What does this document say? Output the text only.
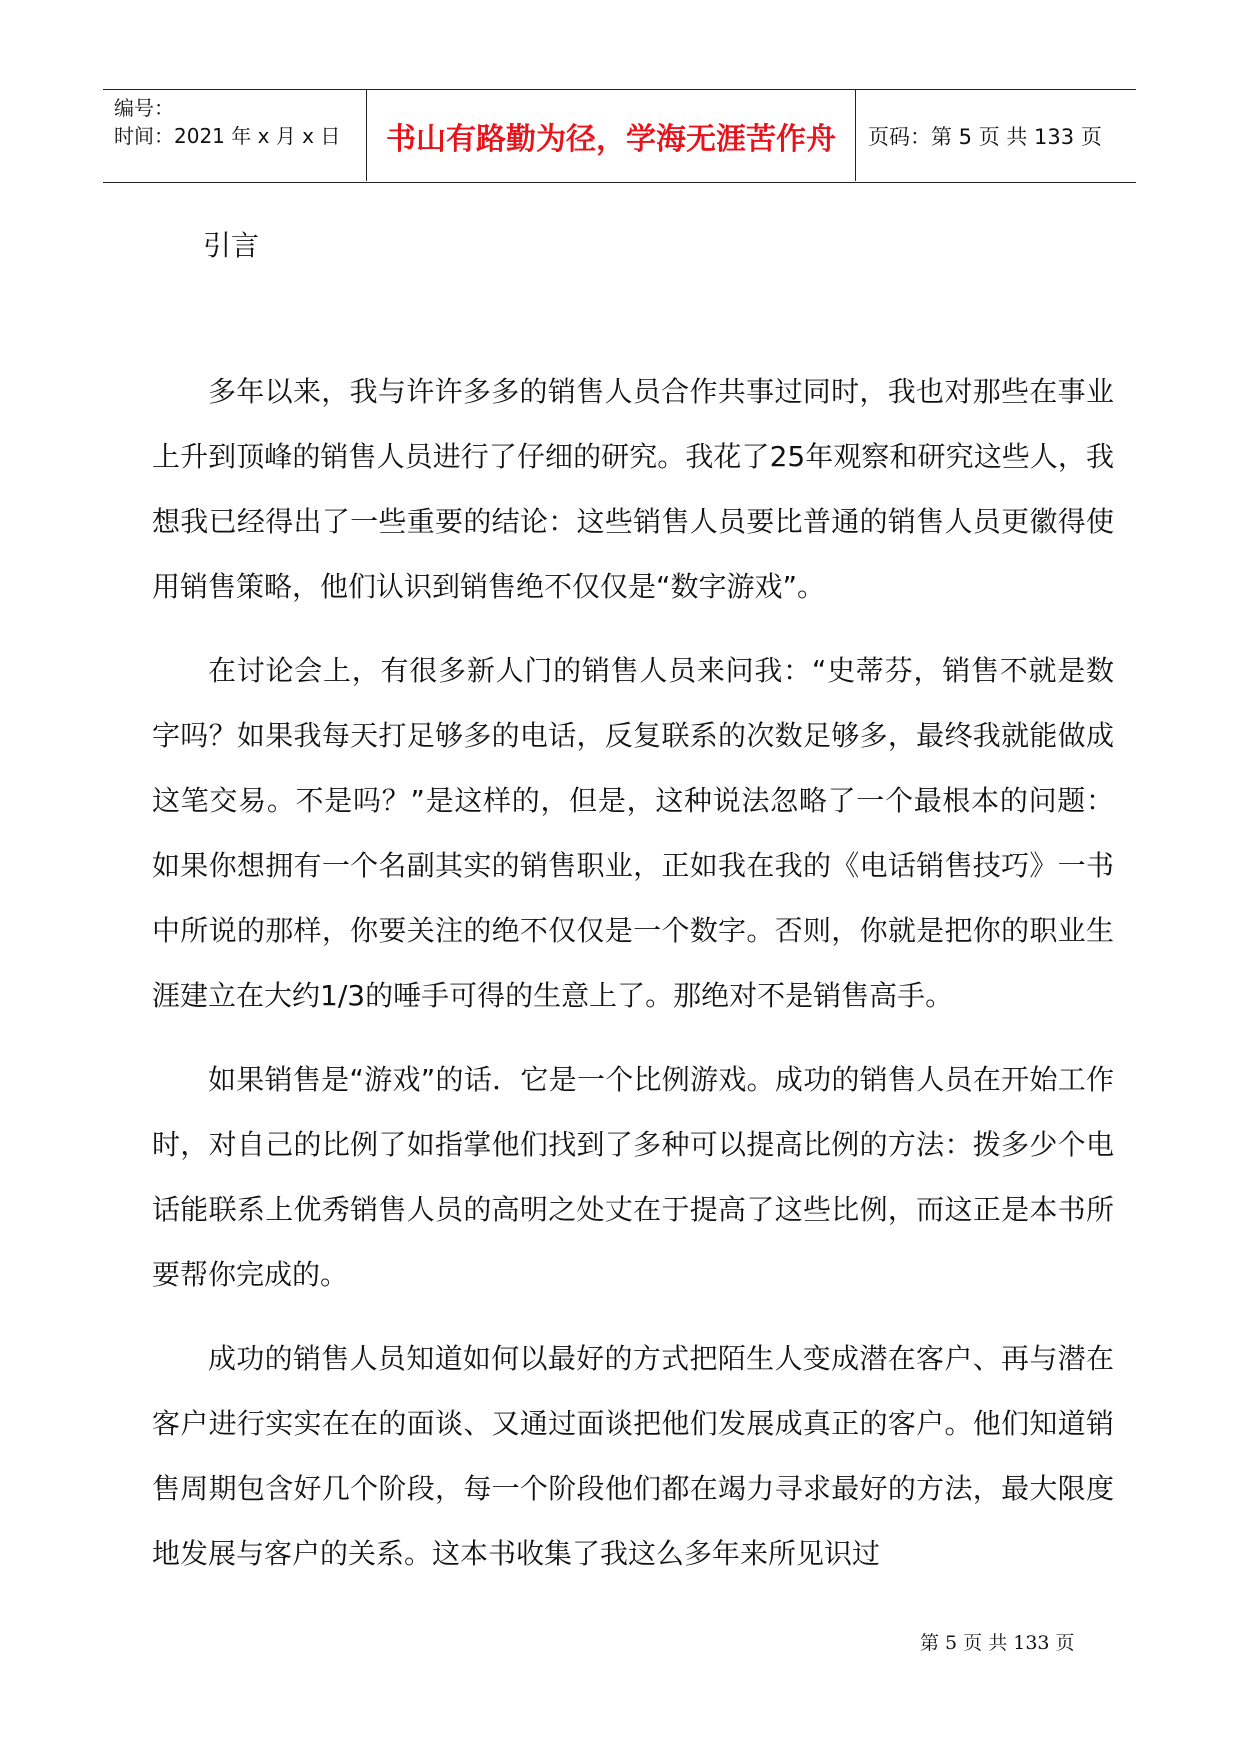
编号：
时间：2021 年 x 月 x 日	书山有路勤为径，学海无涯苦作舟 页码：第 5 页 共 133 页
引言

多年以来，我与许许多多的销售人员合作共事过同时，我也对那些在事业上升到顶峰的销售人员进行了仔细的研究。我花了25年观察和研究这些人，我想我已经得出了一些重要的结论：这些销售人员要比普通的销售人员更徽得使用销售策略，他们认识到销售绝不仅仅是“数字游戏”。

在讨论会上，有很多新人门的销售人员来问我：“史蒂芬，销售不就是数字吗？如果我每天打足够多的电话，反复联系的次数足够多，最终我就能做成这笔交易。不是吗？”是这样的，但是，这种说法忽略了一个最根本的问题：如果你想拥有一个名副其实的销售职业，正如我在我的《电话销售技巧》一书中所说的那样，你要关注的绝不仅仅是一个数字。否则，你就是把你的职业生涯建立在大约1/3的唾手可得的生意上了。那绝对不是销售高手。

如果销售是“游戏”的话．它是一个比例游戏。成功的销售人员在开始工作时，对自己的比例了如指掌他们找到了多种可以提高比例的方法：拨多少个电话能联系上优秀销售人员的高明之处丈在于提高了这些比例，而这正是本书所要帮你完成的。

成功的销售人员知道如何以最好的方式把陌生人变成潜在客户、再与潜在客户进行实实在在的面谈、又通过面谈把他们发展成真正的客户。他们知道销售周期包含好几个阶段，每一个阶段他们都在竭力寻求最好的方法，最大限度地发展与客户的关系。这本书收集了我这么多年来所见识过

第 5 页 共 133 页
